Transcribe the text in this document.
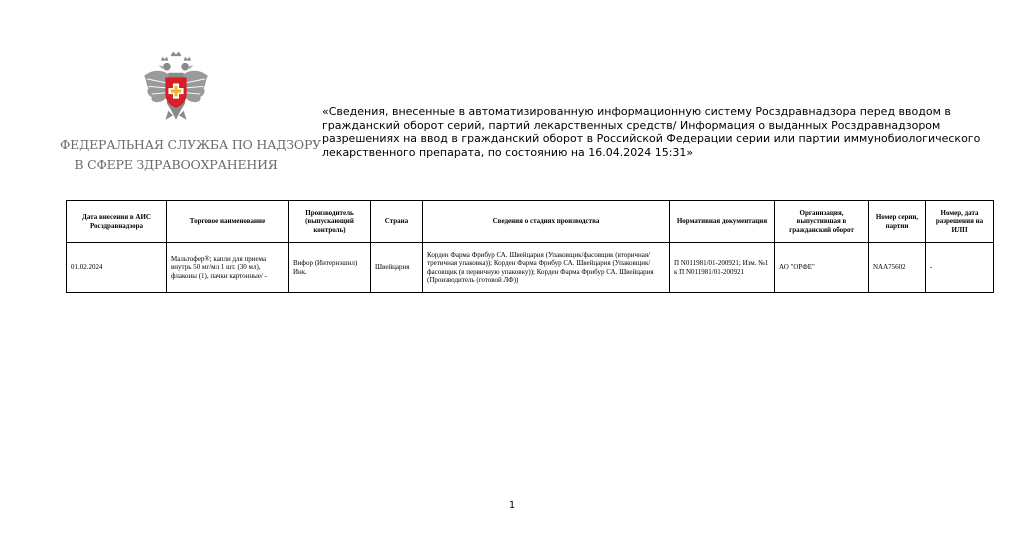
ФЕДЕРАЛЬНАЯ СЛУЖБА ПО НАДЗОРУ
В СФЕРЕ ЗДРАВООХРАНЕНИЯ
«Сведения, внесенные в автоматизированную информационную систему Росздравнадзора перед вводом в гражданский оборот серий, партий лекарственных средств/ Информация о выданных Росздравнадзором разрешениях на ввод в гражданский оборот в Российской Федерации серии или партии иммунобиологического лекарственного препарата, по состоянию на 16.04.2024 15:31»
Дата внесения в АИС Росздравнадзора	Торговое наименование	Производитель (выпускающий контроль)	Страна	Сведения о стадиях производства	Нормативная документация	Организация, выпустившая в гражданский оборот	Номер серии, партии	Номер, дата разрешения на ИЛП
01.02.2024	Мальтофер®; капли для приема внутрь 50 мг/мл 1 шт. (30 мл), флаконы (1), пачки картонные/ -	Вифор (Интернэшнл) Инк.	Швейцария	Корден Фарма Фрибур СА. Швейцария (Упаковщик/фасовщик (вторичная/третичная упаковка)); Корден Фарма Фрибур СА. Швейцария (Упаковщик/фасовщик (в первичную упаковку)); Корден Фарма Фрибур СА. Швейцария (Производитель (готовой ЛФ))	П N011981/01-200921; Изм. №1 к П N011981/01-200921	АО "ОРФЕ"	NAA75602	-
1
